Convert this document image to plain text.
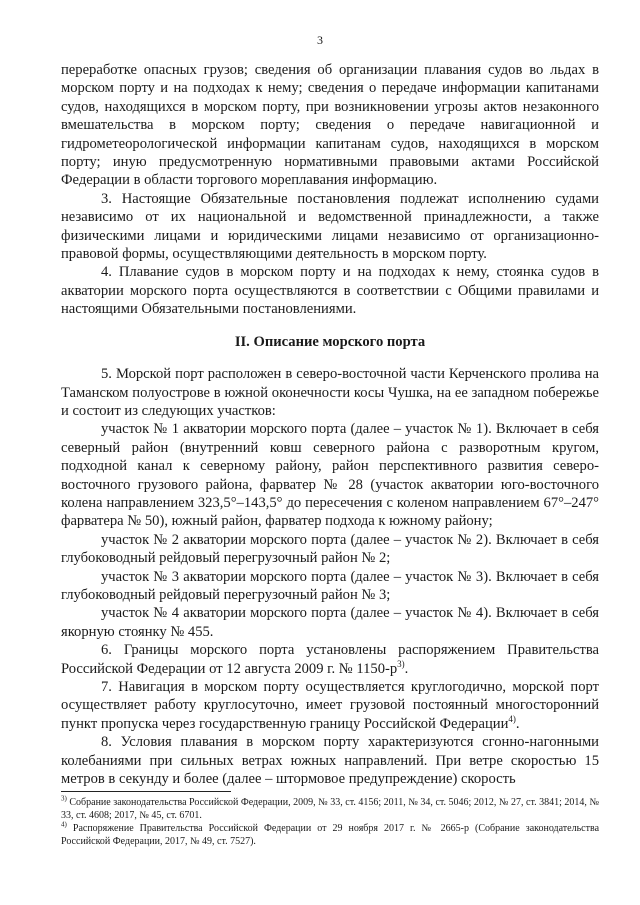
3

переработке опасных грузов; сведения об организации плавания судов во льдах в морском порту и на подходах к нему; сведения о передаче информации капитанами судов, находящихся в морском порту, при возникновении угрозы актов незаконного вмешательства в морском порту; сведения о передаче навигационной и гидрометеорологической информации капитанам судов, находящихся в морском порту; иную предусмотренную нормативными правовыми актами Российской Федерации в области торгового мореплавания информацию.

3. Настоящие Обязательные постановления подлежат исполнению судами независимо от их национальной и ведомственной принадлежности, а также физическими лицами и юридическими лицами независимо от организационно-правовой формы, осуществляющими деятельность в морском порту.

4. Плавание судов в морском порту и на подходах к нему, стоянка судов в акватории морского порта осуществляются в соответствии с Общими правилами и настоящими Обязательными постановлениями.

II. Описание морского порта

5. Морской порт расположен в северо-восточной части Керченского пролива на Таманском полуострове в южной оконечности косы Чушка, на ее западном побережье и состоит из следующих участков:

участок № 1 акватории морского порта (далее – участок № 1). Включает в себя северный район (внутренний ковш северного района с разворотным кругом, подходной канал к северному району, район перспективного развития северо-восточного грузового района, фарватер № 28 (участок акватории юго-восточного колена направлением 323,5°–143,5° до пересечения с коленом направлением 67°–247° фарватера № 50), южный район, фарватер подхода к южному району;

участок № 2 акватории морского порта (далее – участок № 2). Включает в себя глубоководный рейдовый перегрузочный район № 2;

участок № 3 акватории морского порта (далее – участок № 3). Включает в себя глубоководный рейдовый перегрузочный район № 3;

участок № 4 акватории морского порта (далее – участок № 4). Включает в себя якорную стоянку № 455.

6. Границы морского порта установлены распоряжением Правительства Российской Федерации от 12 августа 2009 г. № $1150-р^{3)}$.

7. Навигация в морском порту осуществляется круглогодично, морской порт осуществляет работу круглосуточно, имеет грузовой постоянный многосторонний пункт пропуска через государственную границу Российской Федерации$^{4)}$.

8. Условия плавания в морском порту характеризуются сгонно-нагонными колебаниями при сильных ветрах южных направлений. При ветре скоростью 15 метров в секунду и более (далее – штормовое предупреждение) скорость

$^{3)}$ Собрание законодательства Российской Федерации, 2009, № 33, ст. 4156; 2011, № 34, ст. 5046; 2012, № 27, ст. 3841; 2014, № 33, ст. 4608; 2017, № 45, ст. 6701.

$^{4)}$ Распоряжение Правительства Российской Федерации от 29 ноября 2017 г. № 2665-р (Собрание законодательства Российской Федерации, 2017, № 49, ст. 7527).
